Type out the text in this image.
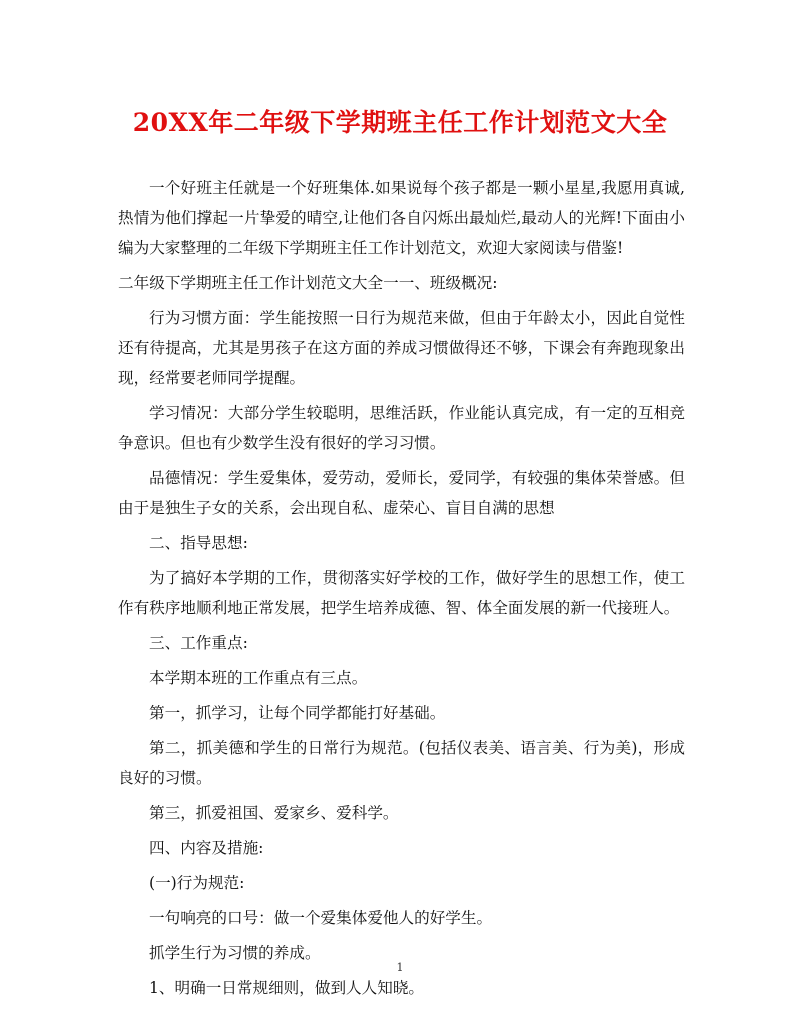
20XX年二年级下学期班主任工作计划范文大全

一个好班主任就是一个好班集体.如果说每个孩子都是一颗小星星,我愿用真诚,热情为他们撑起一片挚爱的晴空,让他们各自闪烁出最灿烂,最动人的光辉!下面由小编为大家整理的二年级下学期班主任工作计划范文，欢迎大家阅读与借鉴!

二年级下学期班主任工作计划范文大全一一、班级概况:

行为习惯方面：学生能按照一日行为规范来做，但由于年龄太小，因此自觉性还有待提高，尤其是男孩子在这方面的养成习惯做得还不够，下课会有奔跑现象出现，经常要老师同学提醒。

学习情况：大部分学生较聪明，思维活跃，作业能认真完成，有一定的互相竞争意识。但也有少数学生没有很好的学习习惯。

品德情况：学生爱集体，爱劳动，爱师长，爱同学，有较强的集体荣誉感。但由于是独生子女的关系，会出现自私、虚荣心、盲目自满的思想

二、指导思想:

为了搞好本学期的工作，贯彻落实好学校的工作，做好学生的思想工作，使工作有秩序地顺利地正常发展，把学生培养成德、智、体全面发展的新一代接班人。

三、工作重点:

本学期本班的工作重点有三点。

第一，抓学习，让每个同学都能打好基础。

第二，抓美德和学生的日常行为规范。(包括仪表美、语言美、行为美)，形成良好的习惯。

第三，抓爱祖国、爱家乡、爱科学。

四、内容及措施:

(一)行为规范:

一句响亮的口号：做一个爱集体爱他人的好学生。

抓学生行为习惯的养成。

1、明确一日常规细则，做到人人知晓。

1
